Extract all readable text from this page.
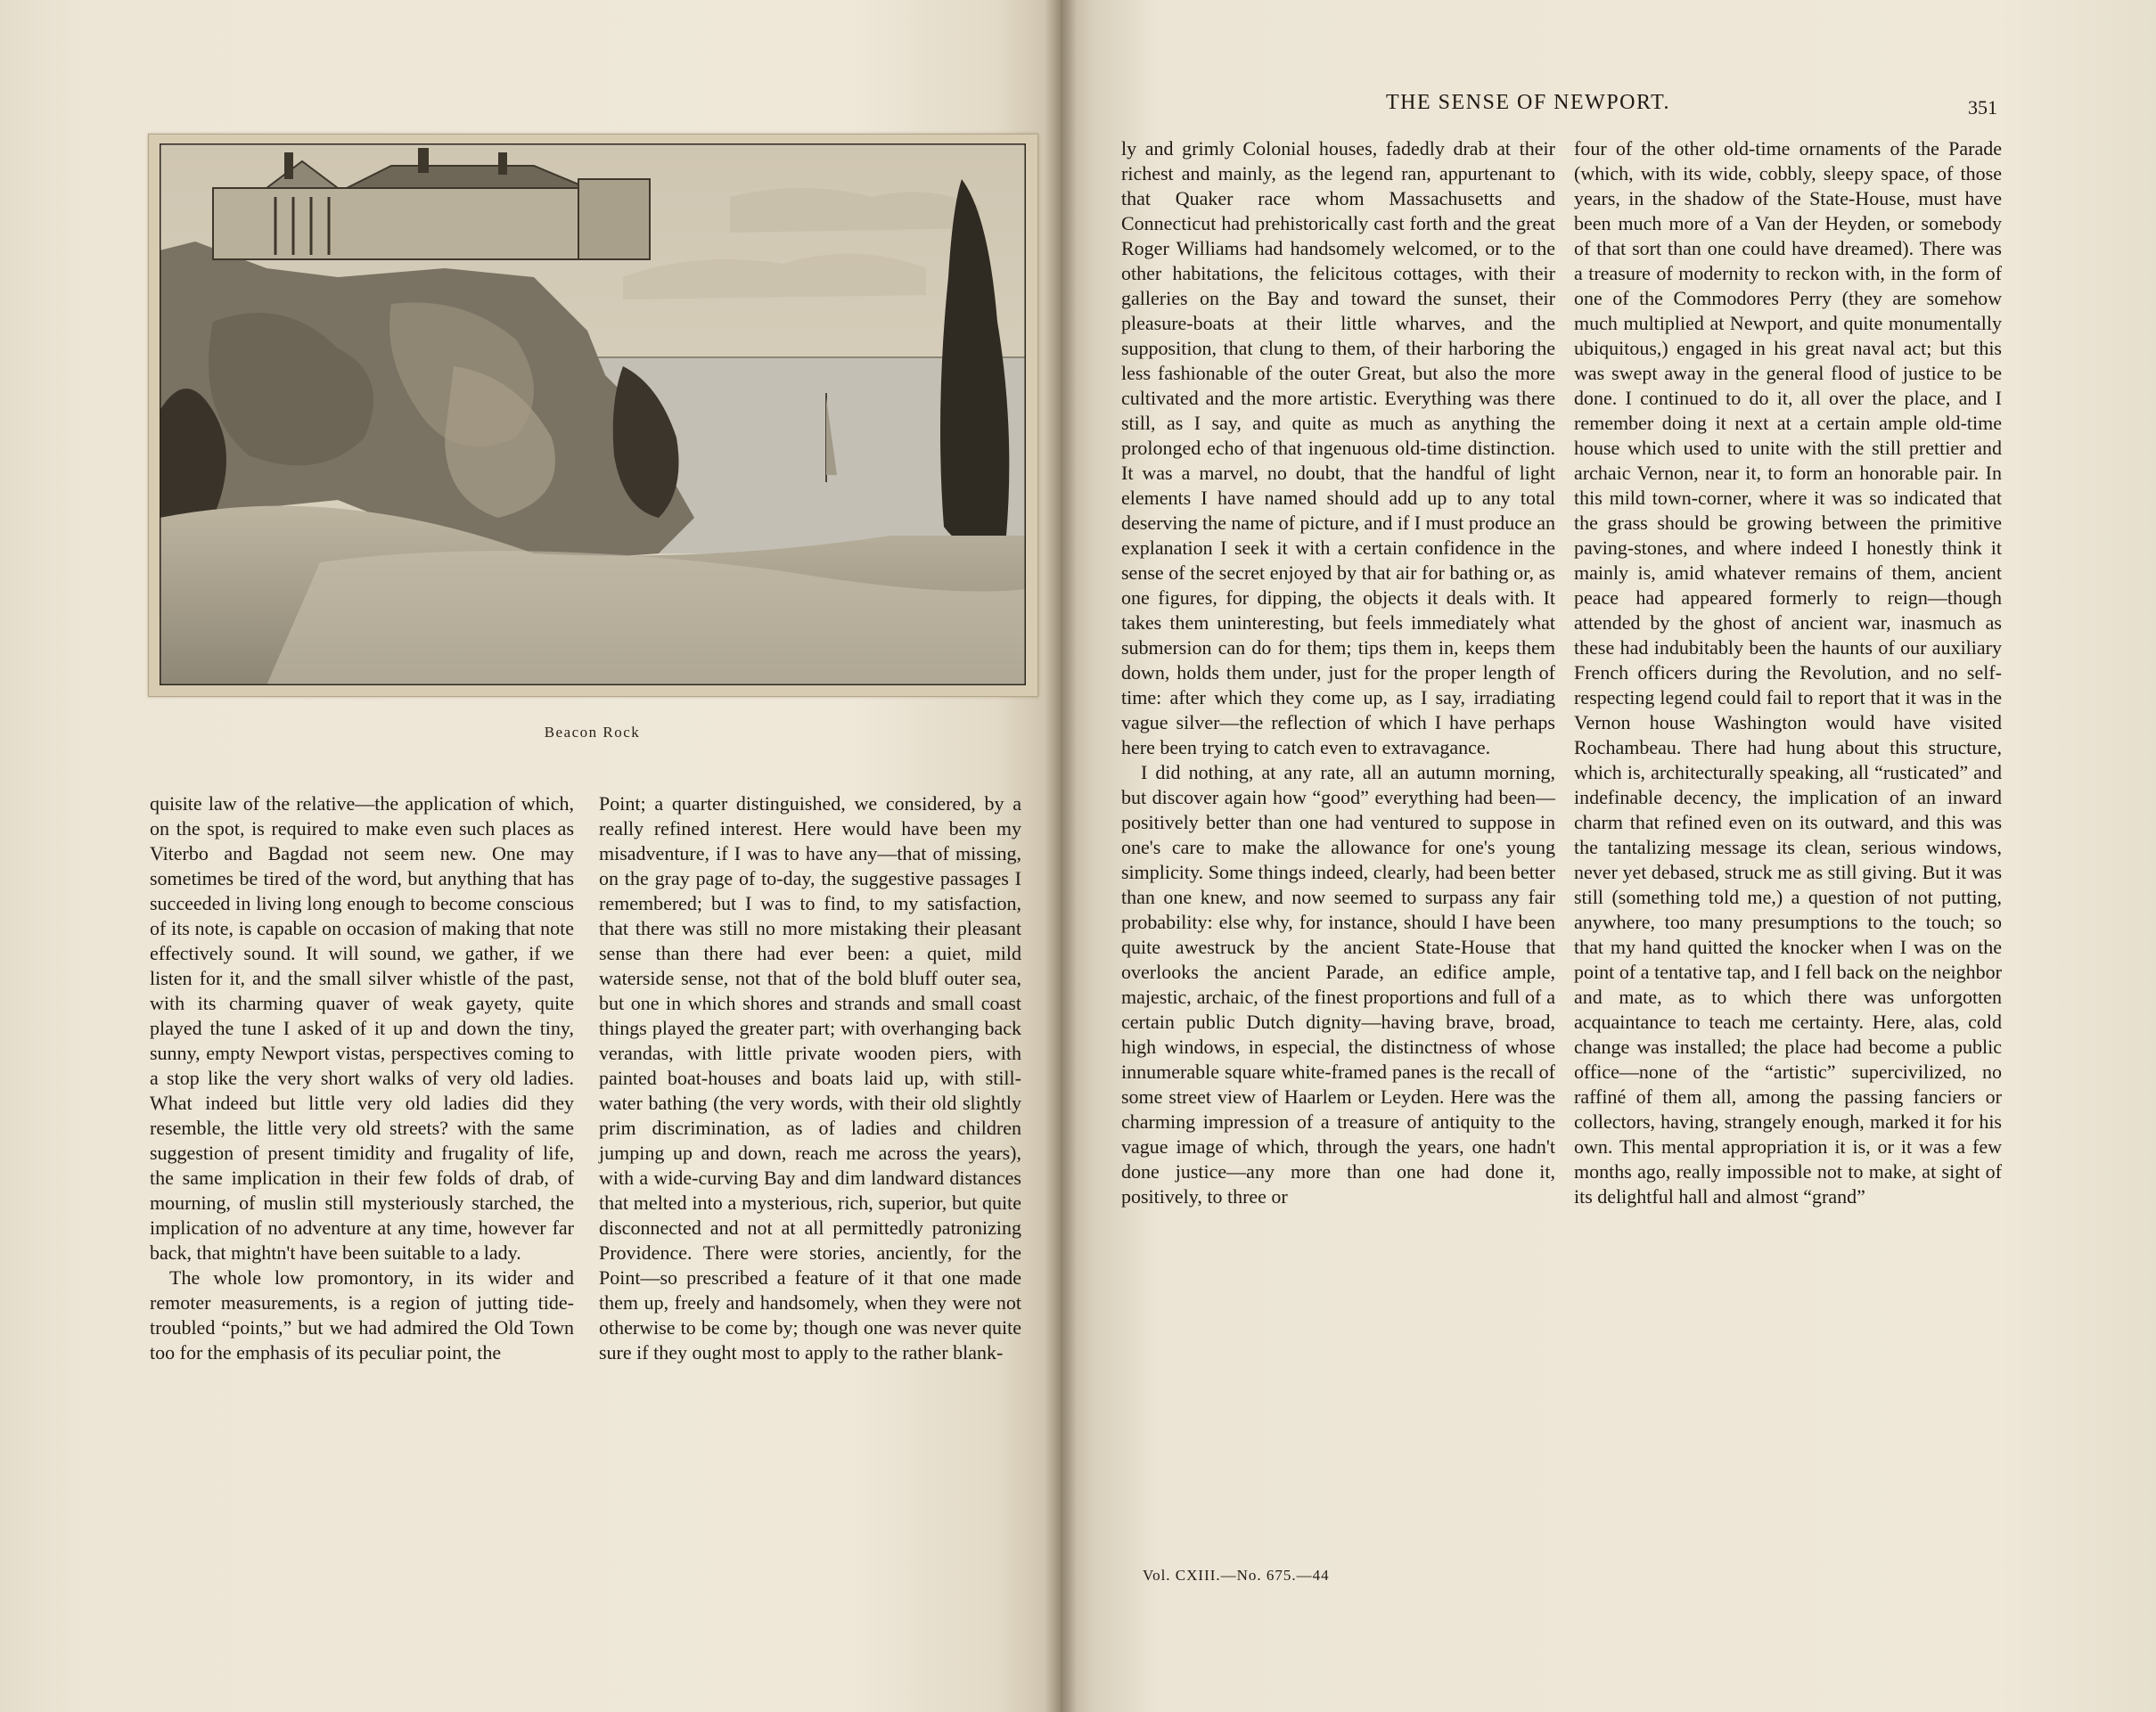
Beacon Rock

quisite law of the relative—the application of which, on the spot, is required to make even such places as Viterbo and Bagdad not seem new. One may sometimes be tired of the word, but anything that has succeeded in living long enough to become conscious of its note, is capable on occasion of making that note effectively sound. It will sound, we gather, if we listen for it, and the small silver whistle of the past, with its charming quaver of weak gayety, quite played the tune I asked of it up and down the tiny, sunny, empty Newport vistas, perspectives coming to a stop like the very short walks of very old ladies. What indeed but little very old ladies did they resemble, the little very old streets? with the same suggestion of present timidity and frugality of life, the same implication in their few folds of drab, of mourning, of muslin still mysteriously starched, the implication of no adventure at any time, however far back, that mightn't have been suitable to a lady.

The whole low promontory, in its wider and remoter measurements, is a region of jutting tide-troubled “points,” but we had admired the Old Town too for the emphasis of its peculiar point, the

Point; a quarter distinguished, we considered, by a really refined interest. Here would have been my misadventure, if I was to have any—that of missing, on the gray page of to-day, the suggestive passages I remembered; but I was to find, to my satisfaction, that there was still no more mistaking their pleasant sense than there had ever been: a quiet, mild waterside sense, not that of the bold bluff outer sea, but one in which shores and strands and small coast things played the greater part; with overhanging back verandas, with little private wooden piers, with painted boat-houses and boats laid up, with still-water bathing (the very words, with their old slightly prim discrimination, as of ladies and children jumping up and down, reach me across the years), with a wide-curving Bay and dim landward distances that melted into a mysterious, rich, superior, but quite disconnected and not at all permittedly patronizing Providence. There were stories, anciently, for the Point—so prescribed a feature of it that one made them up, freely and handsomely, when they were not otherwise to be come by; though one was never quite sure if they ought most to apply to the rather blank-

THE SENSE OF NEWPORT.	351

ly and grimly Colonial houses, fadedly drab at their richest and mainly, as the legend ran, appurtenant to that Quaker race whom Massachusetts and Connecticut had prehistorically cast forth and the great Roger Williams had handsomely welcomed, or to the other habitations, the felicitous cottages, with their galleries on the Bay and toward the sunset, their pleasure-boats at their little wharves, and the supposition, that clung to them, of their harboring the less fashionable of the outer Great, but also the more cultivated and the more artistic. Everything was there still, as I say, and quite as much as anything the prolonged echo of that ingenuous old-time distinction. It was a marvel, no doubt, that the handful of light elements I have named should add up to any total deserving the name of picture, and if I must produce an explanation I seek it with a certain confidence in the sense of the secret enjoyed by that air for bathing or, as one figures, for dipping, the objects it deals with. It takes them uninteresting, but feels immediately what submersion can do for them; tips them in, keeps them down, holds them under, just for the proper length of time: after which they come up, as I say, irradiating vague silver—the reflection of which I have perhaps here been trying to catch even to extravagance.

I did nothing, at any rate, all an autumn morning, but discover again how “good” everything had been—positively better than one had ventured to suppose in one's care to make the allowance for one's young simplicity. Some things indeed, clearly, had been better than one knew, and now seemed to surpass any fair probability: else why, for instance, should I have been quite awestruck by the ancient State-House that overlooks the ancient Parade, an edifice ample, majestic, archaic, of the finest proportions and full of a certain public Dutch dignity—having brave, broad, high windows, in especial, the distinctness of whose innumerable square white-framed panes is the recall of some street view of Haarlem or Leyden. Here was the charming impression of a treasure of antiquity to the vague image of which, through the years, one hadn't done justice—any more than one had done it, positively, to three or

four of the other old-time ornaments of the Parade (which, with its wide, cobbly, sleepy space, of those years, in the shadow of the State-House, must have been much more of a Van der Heyden, or somebody of that sort than one could have dreamed). There was a treasure of modernity to reckon with, in the form of one of the Commodores Perry (they are somehow much multiplied at Newport, and quite monumentally ubiquitous,) engaged in his great naval act; but this was swept away in the general flood of justice to be done. I continued to do it, all over the place, and I remember doing it next at a certain ample old-time house which used to unite with the still prettier and archaic Vernon, near it, to form an honorable pair. In this mild town-corner, where it was so indicated that the grass should be growing between the primitive paving-stones, and where indeed I honestly think it mainly is, amid whatever remains of them, ancient peace had appeared formerly to reign—though attended by the ghost of ancient war, inasmuch as these had indubitably been the haunts of our auxiliary French officers during the Revolution, and no self-respecting legend could fail to report that it was in the Vernon house Washington would have visited Rochambeau. There had hung about this structure, which is, architecturally speaking, all “rusticated” and indefinable decency, the implication of an inward charm that refined even on its outward, and this was the tantalizing message its clean, serious windows, never yet debased, struck me as still giving. But it was still (something told me,) a question of not putting, anywhere, too many presumptions to the touch; so that my hand quitted the knocker when I was on the point of a tentative tap, and I fell back on the neighbor and mate, as to which there was unforgotten acquaintance to teach me certainty. Here, alas, cold change was installed; the place had become a public office—none of the “artistic” supercivilized, no raffiné of them all, among the passing fanciers or collectors, having, strangely enough, marked it for his own. This mental appropriation it is, or it was a few months ago, really impossible not to make, at sight of its delightful hall and almost “grand”

Vol. CXIII.—No. 675.—44
